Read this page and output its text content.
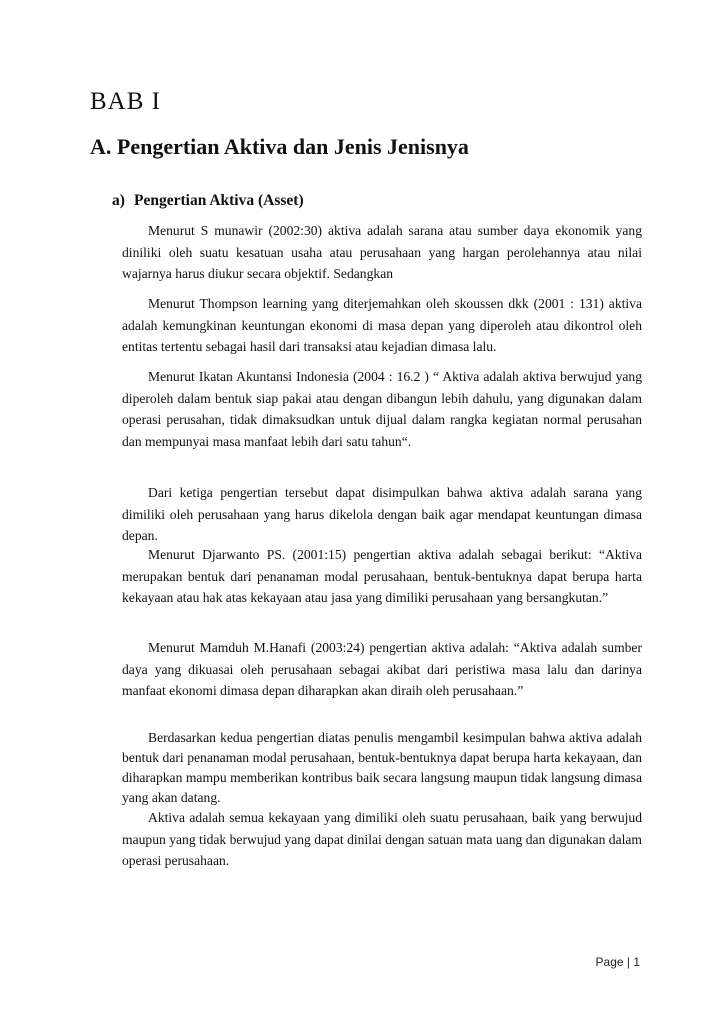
BAB I
A. Pengertian Aktiva dan Jenis Jenisnya
a) Pengertian Aktiva (Asset)

Menurut S munawir (2002:30) aktiva adalah sarana atau sumber daya ekonomik yang diniliki oleh suatu kesatuan usaha atau perusahaan yang hargan perolehannya atau nilai wajarnya harus diukur secara objektif. Sedangkan

Menurut Thompson learning yang diterjemahkan oleh skoussen dkk (2001 : 131) aktiva adalah kemungkinan keuntungan ekonomi di masa depan yang diperoleh atau dikontrol oleh entitas tertentu sebagai hasil dari transaksi atau kejadian dimasa lalu.

Menurut Ikatan Akuntansi Indonesia (2004 : 16.2 ) “ Aktiva adalah aktiva berwujud yang diperoleh dalam bentuk siap pakai atau dengan dibangun lebih dahulu, yang digunakan dalam operasi perusahan, tidak dimaksudkan untuk dijual dalam rangka kegiatan normal perusahan dan mempunyai masa manfaat lebih dari satu tahun“.

Dari ketiga pengertian tersebut dapat disimpulkan bahwa aktiva adalah sarana yang dimiliki oleh perusahaan yang harus dikelola dengan baik agar mendapat keuntungan dimasa depan.

Menurut Djarwanto PS. (2001:15) pengertian aktiva adalah sebagai berikut: “Aktiva merupakan bentuk dari penanaman modal perusahaan, bentuk-bentuknya dapat berupa harta kekayaan atau hak atas kekayaan atau jasa yang dimiliki perusahaan yang bersangkutan.”

Menurut Mamduh M.Hanafi (2003:24) pengertian aktiva adalah: “Aktiva adalah sumber daya yang dikuasai oleh perusahaan sebagai akibat dari peristiwa masa lalu dan darinya manfaat ekonomi dimasa depan diharapkan akan diraih oleh perusahaan.”

Berdasarkan kedua pengertian diatas penulis mengambil kesimpulan bahwa aktiva adalah bentuk dari penanaman modal perusahaan, bentuk-bentuknya dapat berupa harta kekayaan, dan diharapkan mampu memberikan kontribus baik secara langsung maupun tidak langsung dimasa yang akan datang.

Aktiva adalah semua kekayaan yang dimiliki oleh suatu perusahaan, baik yang berwujud maupun yang tidak berwujud yang dapat dinilai dengan satuan mata uang dan digunakan dalam operasi perusahaan.

Page | 1
